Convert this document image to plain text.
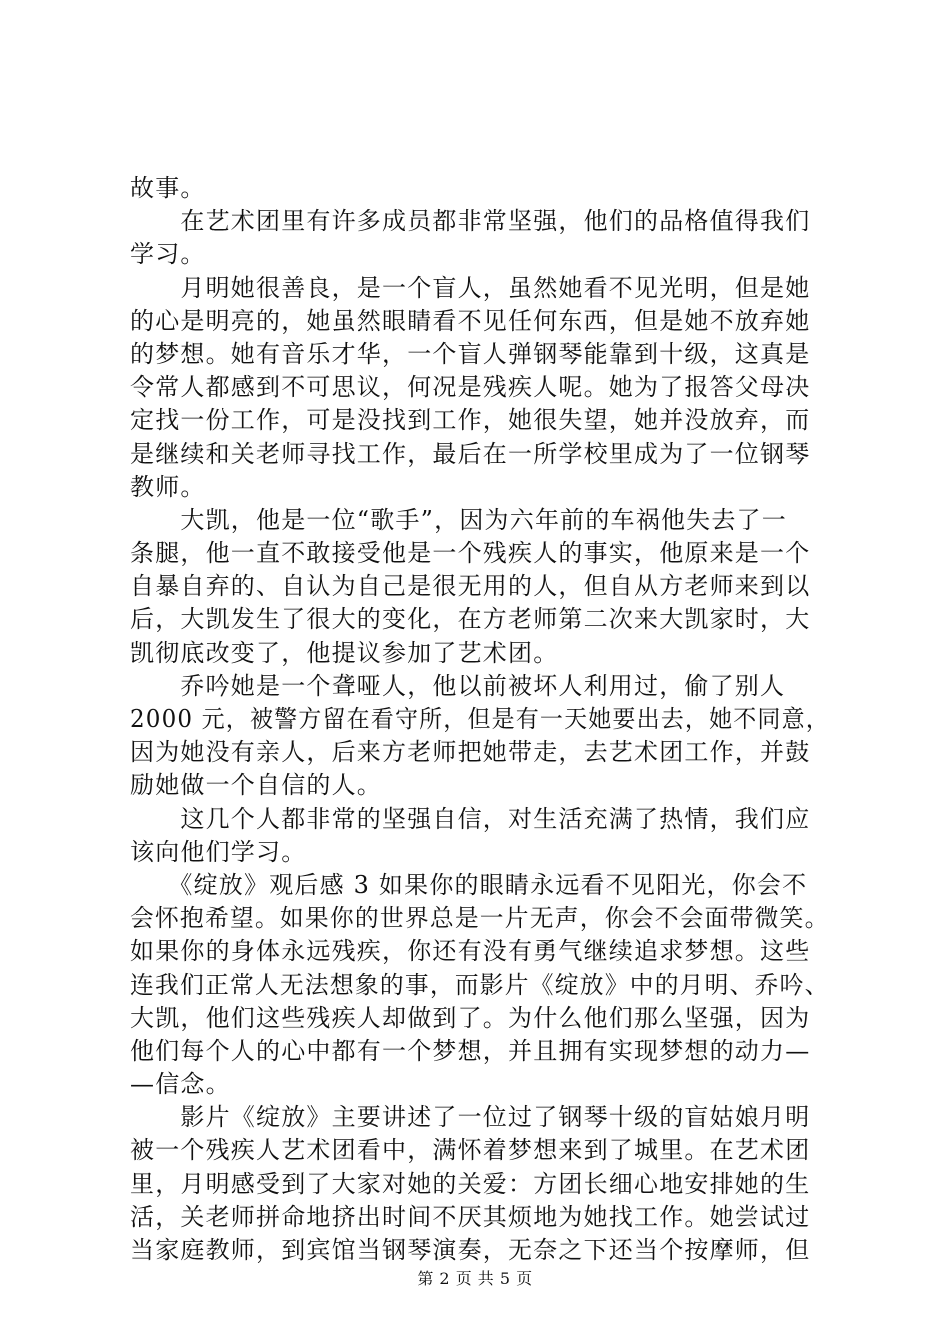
故事。
　　在艺术团里有许多成员都非常坚强，他们的品格值得我们
学习。
　　月明她很善良，是一个盲人，虽然她看不见光明，但是她
的心是明亮的，她虽然眼睛看不见任何东西，但是她不放弃她
的梦想。她有音乐才华，一个盲人弹钢琴能靠到十级，这真是
令常人都感到不可思议，何况是残疾人呢。她为了报答父母决
定找一份工作，可是没找到工作，她很失望，她并没放弃，而
是继续和关老师寻找工作，最后在一所学校里成为了一位钢琴
教师。
　　大凯，他是一位“歌手”，因为六年前的车祸他失去了一
条腿，他一直不敢接受他是一个残疾人的事实，他原来是一个
自暴自弃的、自认为自己是很无用的人，但自从方老师来到以
后，大凯发生了很大的变化，在方老师第二次来大凯家时，大
凯彻底改变了，他提议参加了艺术团。
　　乔吟她是一个聋哑人，他以前被坏人利用过，偷了别人
2000 元，被警方留在看守所，但是有一天她要出去，她不同意，
因为她没有亲人，后来方老师把她带走，去艺术团工作，并鼓
励她做一个自信的人。
　　这几个人都非常的坚强自信，对生活充满了热情，我们应
该向他们学习。
　　《绽放》观后感 3 如果你的眼睛永远看不见阳光，你会不
会怀抱希望。如果你的世界总是一片无声，你会不会面带微笑。
如果你的身体永远残疾，你还有没有勇气继续追求梦想。这些
连我们正常人无法想象的事，而影片《绽放》中的月明、乔吟、
大凯，他们这些残疾人却做到了。为什么他们那么坚强，因为
他们每个人的心中都有一个梦想，并且拥有实现梦想的动力—
—信念。
　　影片《绽放》主要讲述了一位过了钢琴十级的盲姑娘月明
被一个残疾人艺术团看中，满怀着梦想来到了城里。在艺术团
里，月明感受到了大家对她的关爱：方团长细心地安排她的生
活，关老师拼命地挤出时间不厌其烦地为她找工作。她尝试过
当家庭教师，到宾馆当钢琴演奏，无奈之下还当个按摩师，但
第 2 页 共 5 页
